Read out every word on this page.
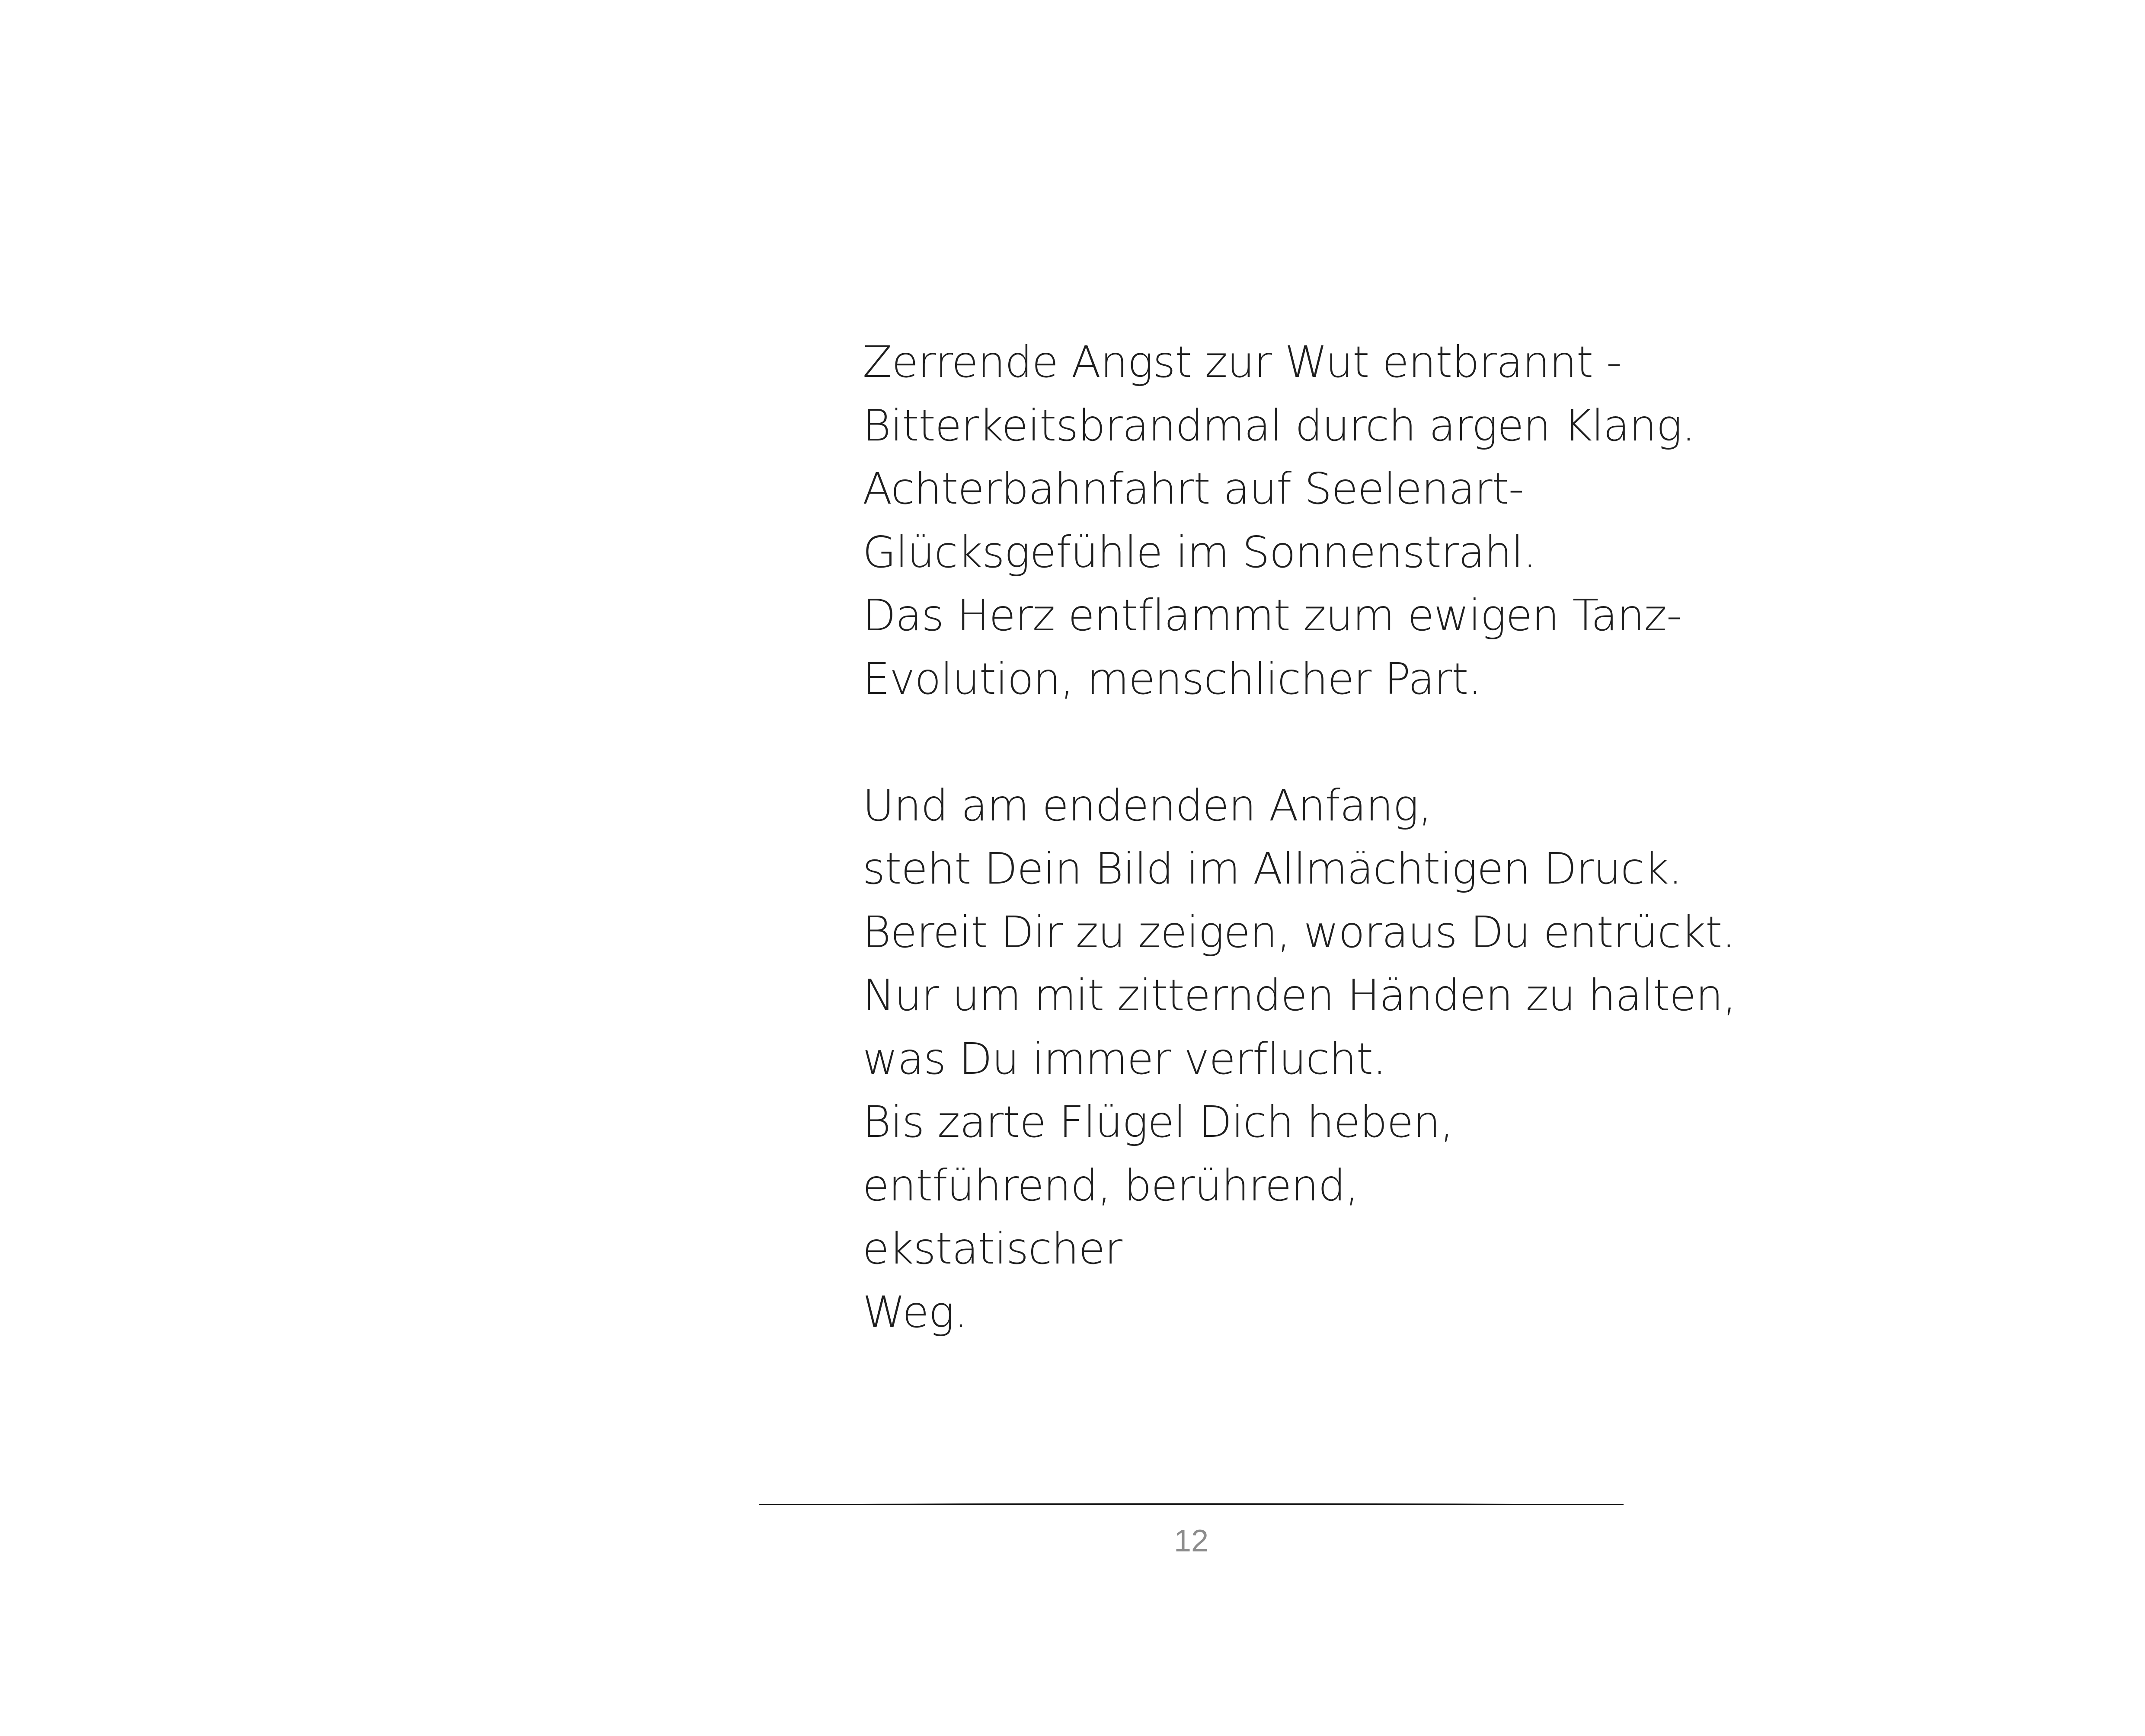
Zerrende Angst zur Wut entbrannt -
Bitterkeitsbrandmal durch argen Klang.
Achterbahnfahrt auf Seelenart-
Glücksgefühle im Sonnenstrahl.
Das Herz entflammt zum ewigen Tanz-
Evolution, menschlicher Part.
Und am endenden Anfang,
steht Dein Bild im Allmächtigen Druck.
Bereit Dir zu zeigen, woraus Du entrückt.
Nur um mit zitternden Händen zu halten,
was Du immer verflucht.
Bis zarte Flügel Dich heben,
entführend, berührend,
ekstatischer
Weg.
12
